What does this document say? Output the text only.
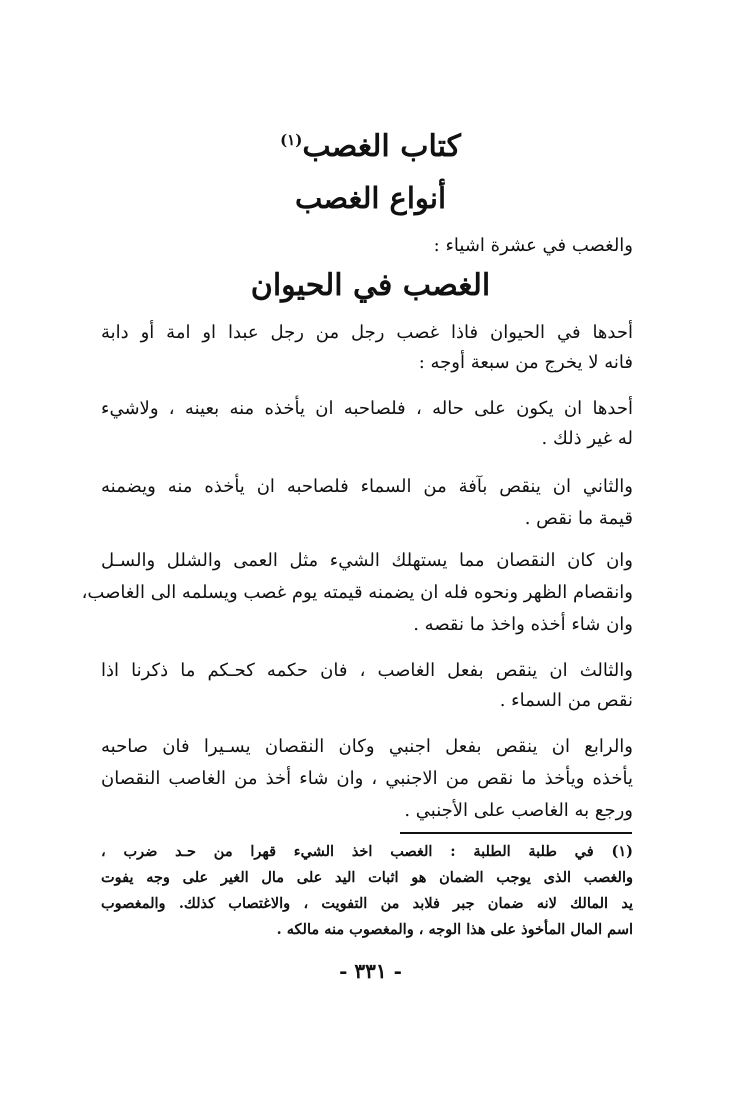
كتاب الغصب$^{(١)}$
أنواع الغصب
والغصب في عشرة اشياء :
الغصب في الحيوان
أحدها في الحيوان فاذا غصب رجل من رجل عبدا او امة أو دابة
فانه لا يخرج من سبعة أوجه :
أحدها ان يكون على حاله ، فلصاحبه ان يأخذه منه بعينه ، ولاشيء
له غير ذلك .
والثاني ان ينقص بآفة من السماء فلصاحبه ان يأخذه منه ويضمنه
قيمة ما نقص .
وان كان النقصان مما يستهلك الشيء مثل العمى والشلل والسـل
وانقصام الظهر ونحوه فله ان يضمنه قيمته يوم غصب ويسلمه الى الغاصب،
وان شاء أخذه واخذ ما نقصه .
والثالث ان ينقص بفعل الغاصب ، فان حكمه كحـكم ما ذكرنا اذا
نقص من السماء .
والرابع ان ينقص بفعل اجنبي وكان النقصان يسـيرا فان صاحبه
يأخذه ويأخذ ما نقص من الاجنبي ، وان شاء أخذ من الغاصب النقصان
ورجع به الغاصب على الأجنبي .
(١) في طلبة الطلبة : الغصب اخذ الشيء قهرا من حـد ضرب ،
والغصب الذى يوجب الضمان هو اثبات اليد على مال الغير على وجه يفوت
يد المالك لانه ضمان جبر فلابد من التفويت ، والاغتصاب كذلك. والمغصوب
اسم المال المأخوذ على هذا الوجه ، والمغصوب منه مالكه .
- ٣٣١ -
